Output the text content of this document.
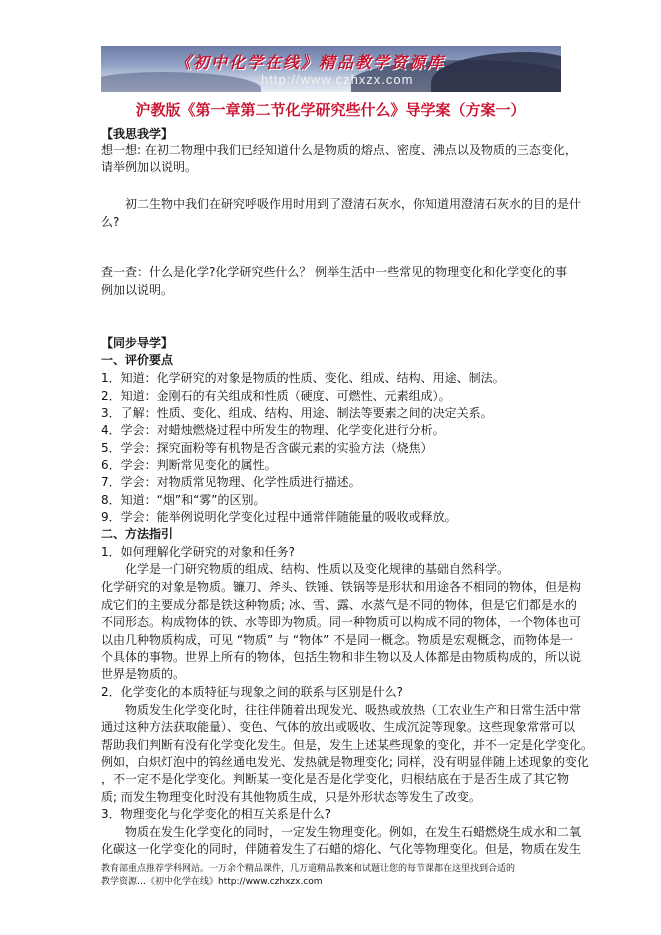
《初中化学在线》精品教学资源库
http://www.czhxzx.com
沪教版《第一章第二节化学研究些什么》导学案（方案一）
【我思我学】
想一想: 在初二物理中我们已经知道什么是物质的熔点、密度、沸点以及物质的三态变化，
请举例加以说明。
初二生物中我们在研究呼吸作用时用到了澄清石灰水，你知道用澄清石灰水的目的是什
么?
查一查：什么是化学?化学研究些什么？ 例举生活中一些常见的物理变化和化学变化的事
例加以说明。
【同步导学】
一、评价要点
1．知道：化学研究的对象是物质的性质、变化、组成、结构、用途、制法。
2．知道：金刚石的有关组成和性质（硬度、可燃性、元素组成）。
3．了解：性质、变化、组成、结构、用途、制法等要素之间的决定关系。
4．学会：对蜡烛燃烧过程中所发生的物理、化学变化进行分析。
5．学会：探究面粉等有机物是否含碳元素的实验方法（烧焦）
6．学会：判断常见变化的属性。
7．学会：对物质常见物理、化学性质进行描述。
8．知道：“烟”和“雾”的区别。
9．学会：能举例说明化学变化过程中通常伴随能量的吸收或释放。
二、方法指引
1．如何理解化学研究的对象和任务?
化学是一门研究物质的组成、结构、性质以及变化规律的基础自然科学。
化学研究的对象是物质。镰刀、斧头、铁锤、铁锅等是形状和用途各不相同的物体，但是构
成它们的主要成分都是铁这种物质; 冰、雪、露、水蒸气是不同的物体，但是它们都是水的
不同形态。构成物体的铁、水等即为物质。同一种物质可以构成不同的物体，一个物体也可
以由几种物质构成，可见 “物质” 与 “物体” 不是同一概念。物质是宏观概念，而物体是一
个具体的事物。世界上所有的物体，包括生物和非生物以及人体都是由物质构成的，所以说
世界是物质的。
2．化学变化的本质特征与现象之间的联系与区别是什么?
物质发生化学变化时，往往伴随着出现发光、吸热或放热（工农业生产和日常生活中常
通过这种方法获取能量）、变色、气体的放出或吸收、生成沉淀等现象。这些现象常常可以
帮助我们判断有没有化学变化发生。但是，发生上述某些现象的变化，并不一定是化学变化。
例如，白炽灯泡中的钨丝通电发光、发热就是物理变化; 同样，没有明显伴随上述现象的变化
，不一定不是化学变化。判断某一变化是否是化学变化，归根结底在于是否生成了其它物
质; 而发生物理变化时没有其他物质生成，只是外形状态等发生了改变。
3．物理变化与化学变化的相互关系是什么?
物质在发生化学变化的同时，一定发生物理变化。例如，在发生石蜡燃烧生成水和二氧
化碳这一化学变化的同时，伴随着发生了石蜡的熔化、气化等物理变化。但是，物质在发生
教育部重点推荐学科网站。一万余个精品课件，几万道精品教案和试题让您的每节课都在这里找到合适的
教学资源…《初中化学在线》http://www.czhxzx.com
